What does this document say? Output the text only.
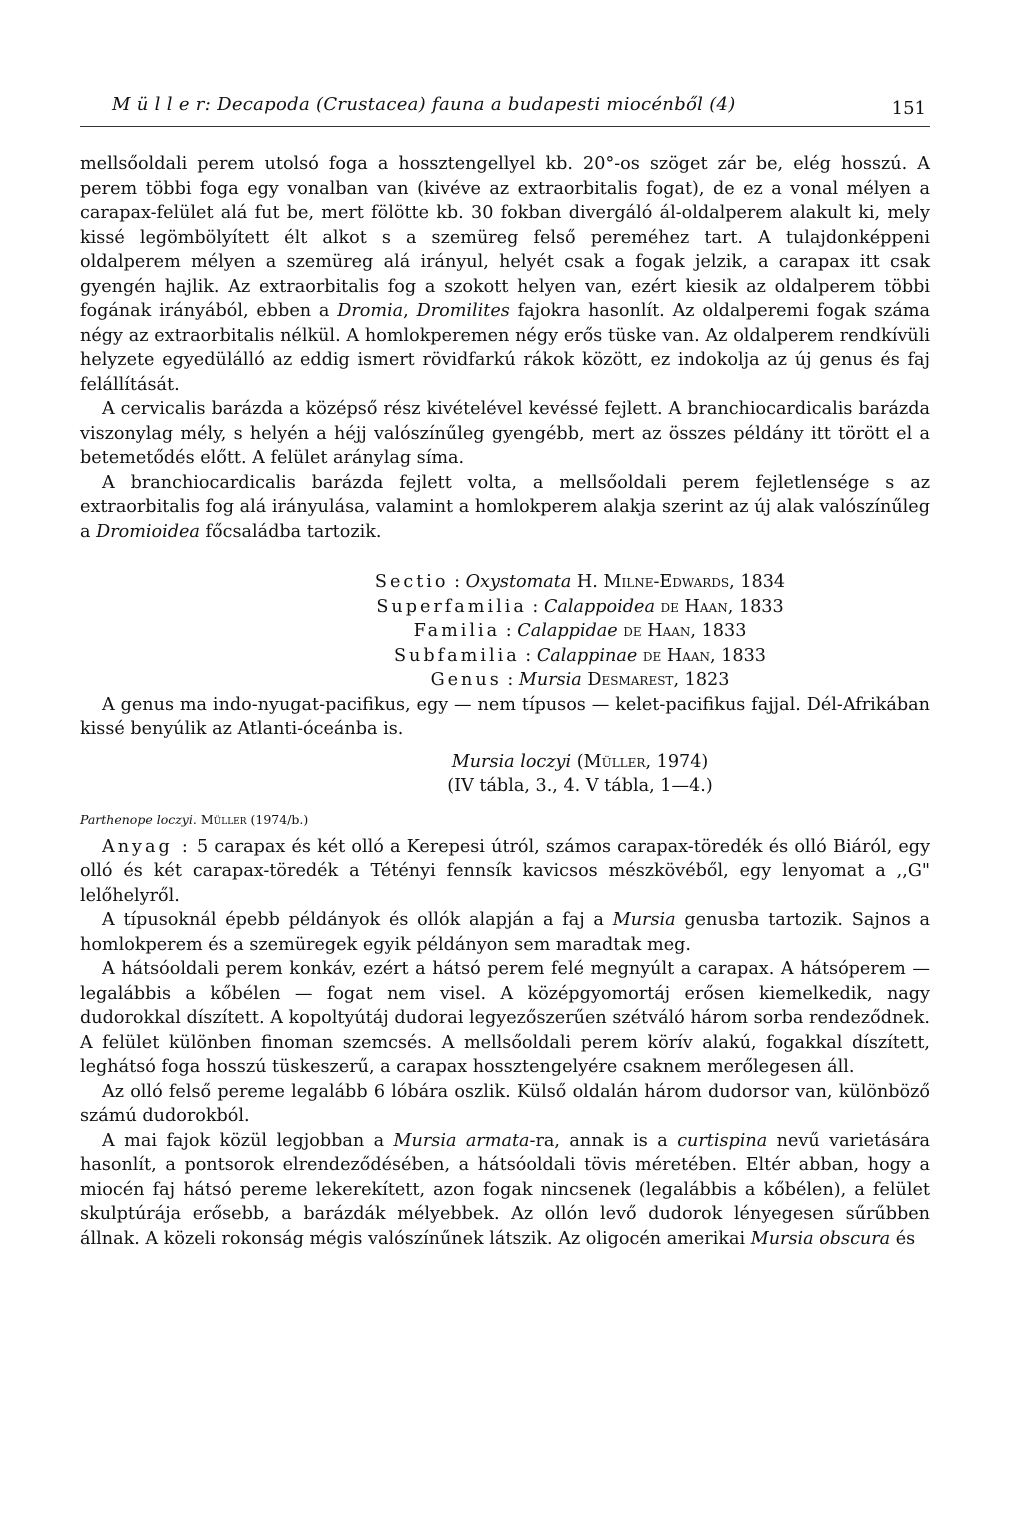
M ü l l e r: Decapoda (Crustacea) fauna a budapesti miocénből (4)	151

mellsőoldali perem utolsó foga a hossztengellyel kb. 20°-os szöget zár be, elég hosszú. A perem többi foga egy vonalban van (kivéve az extraorbitalis fogat), de ez a vonal mélyen a carapax-felület alá fut be, mert fölötte kb. 30 fokban divergáló ál-oldalperem alakult ki, mely kissé legömbölyített élt alkot s a szemüreg felső pereméhez tart. A tulajdonképpeni oldalperem mélyen a szemüreg alá irányul, helyét csak a fogak jelzik, a carapax itt csak gyengén hajlik. Az extraorbitalis fog a szokott helyen van, ezért kiesik az oldalperem többi fogának irányából, ebben a Dromia, Dromilites fajokra hasonlít. Az oldalperemi fogak száma négy az extraorbitalis nélkül. A homlokperemen négy erős tüske van. Az oldalperem rendkívüli helyzete egyedülálló az eddig ismert rövidfarkú rákok között, ez indokolja az új genus és faj felállítását.

A cervicalis barázda a középső rész kivételével kevéssé fejlett. A branchiocardicalis barázda viszonylag mély, s helyén a héjj valószínűleg gyengébb, mert az összes példány itt törött el a betemetődés előtt. A felület aránylag síma.

A branchiocardicalis barázda fejlett volta, a mellsőoldali perem fejletlensége s az extraorbitalis fog alá irányulása, valamint a homlokperem alakja szerint az új alak valószínűleg a Dromioidea főcsaládba tartozik.

Sectio : Oxystomata H. Milne-Edwards, 1834
Superfamilia : Calappoidea de Haan, 1833
Familia : Calappidae de Haan, 1833
Subfamilia : Calappinae de Haan, 1833
Genus : Mursia Desmarest, 1823

A genus ma indo-nyugat-pacifikus, egy — nem típusos — kelet-pacifikus fajjal. Dél-Afrikában kissé benyúlik az Atlanti-óceánba is.

Mursia loczyi (Müller, 1974)
(IV tábla, 3., 4. V tábla, 1—4.)
Parthenope loczyi. Müller (1974/b.)

Anyag : 5 carapax és két olló a Kerepesi útról, számos carapax-töredék és olló Biáról, egy olló és két carapax-töredék a Tétényi fennsík kavicsos mészkövéből, egy lenyomat a ,,G" lelőhelyről.

A típusoknál épebb példányok és ollók alapján a faj a Mursia genusba tartozik. Sajnos a homlokperem és a szemüregek egyik példányon sem maradtak meg.

A hátsóoldali perem konkáv, ezért a hátsó perem felé megnyúlt a carapax. A hátsóperem — legalábbis a kőbélen — fogat nem visel. A középgyomortáj erősen kiemelkedik, nagy dudorokkal díszített. A kopoltyútáj dudorai legyezőszerűen szétváló három sorba rendeződnek. A felület különben finoman szemcsés. A mellsőoldali perem körív alakú, fogakkal díszített, leghátsó foga hosszú tüskeszerű, a carapax hossztengelyére csaknem merőlegesen áll.

Az olló felső pereme legalább 6 lóbára oszlik. Külső oldalán három dudorsor van, különböző számú dudorokból.

A mai fajok közül legjobban a Mursia armata-ra, annak is a curtispina nevű varietására hasonlít, a pontsorok elrendeződésében, a hátsóoldali tövis méretében. Eltér abban, hogy a miocén faj hátsó pereme lekerekített, azon fogak nincsenek (legalábbis a kőbélen), a felület skulptúrája erősebb, a barázdák mélyebbek. Az ollón levő dudorok lényegesen sűrűbben állnak. A közeli rokonság mégis valószínűnek látszik. Az oligocén amerikai Mursia obscura és
